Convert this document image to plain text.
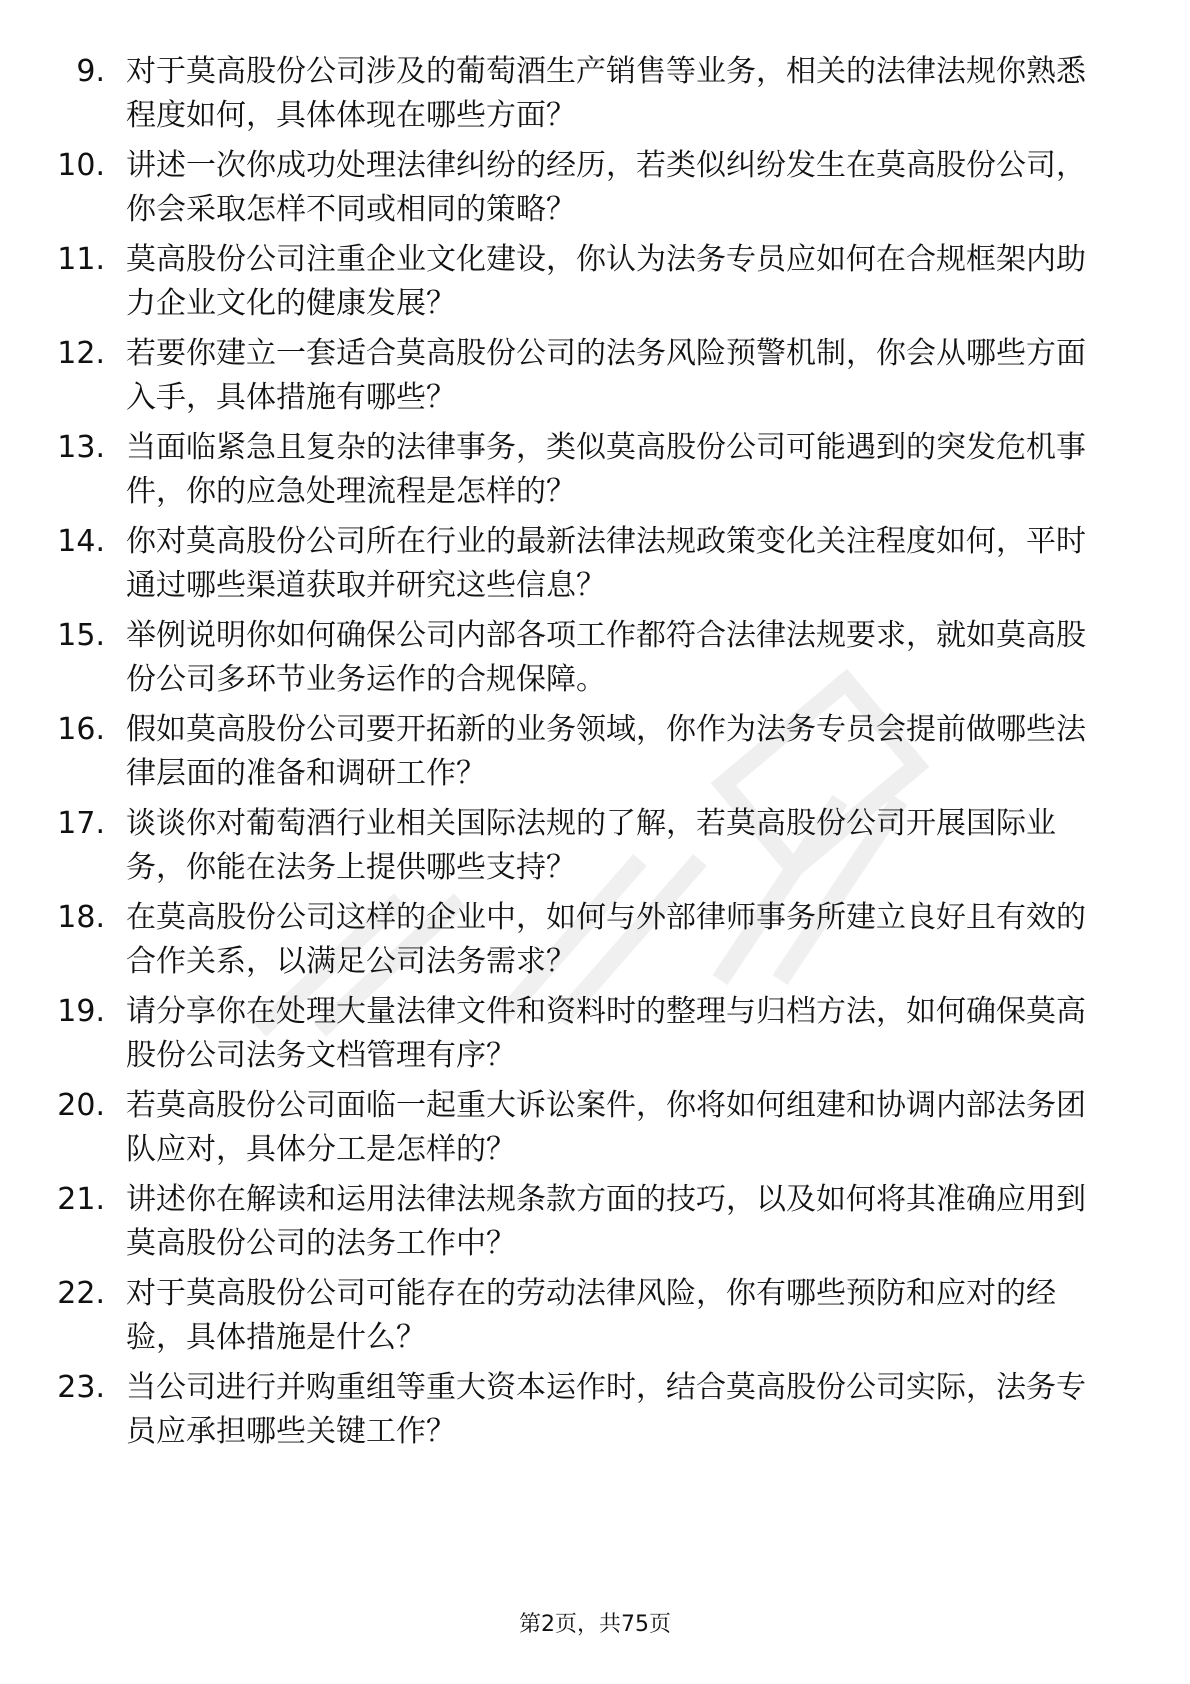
9. 对于莫高股份公司涉及的葡萄酒生产销售等业务，相关的法律法规你熟悉程度如何，具体体现在哪些方面？
10. 讲述一次你成功处理法律纠纷的经历，若类似纠纷发生在莫高股份公司，你会采取怎样不同或相同的策略？
11. 莫高股份公司注重企业文化建设，你认为法务专员应如何在合规框架内助力企业文化的健康发展？
12. 若要你建立一套适合莫高股份公司的法务风险预警机制，你会从哪些方面入手，具体措施有哪些？
13. 当面临紧急且复杂的法律事务，类似莫高股份公司可能遇到的突发危机事件，你的应急处理流程是怎样的？
14. 你对莫高股份公司所在行业的最新法律法规政策变化关注程度如何，平时通过哪些渠道获取并研究这些信息？
15. 举例说明你如何确保公司内部各项工作都符合法律法规要求，就如莫高股份公司多环节业务运作的合规保障。
16. 假如莫高股份公司要开拓新的业务领域，你作为法务专员会提前做哪些法律层面的准备和调研工作？
17. 谈谈你对葡萄酒行业相关国际法规的了解，若莫高股份公司开展国际业务，你能在法务上提供哪些支持？
18. 在莫高股份公司这样的企业中，如何与外部律师事务所建立良好且有效的合作关系，以满足公司法务需求？
19. 请分享你在处理大量法律文件和资料时的整理与归档方法，如何确保莫高股份公司法务文档管理有序？
20. 若莫高股份公司面临一起重大诉讼案件，你将如何组建和协调内部法务团队应对，具体分工是怎样的？
21. 讲述你在解读和运用法律法规条款方面的技巧，以及如何将其准确应用到莫高股份公司的法务工作中？
22. 对于莫高股份公司可能存在的劳动法律风险，你有哪些预防和应对的经验，具体措施是什么？
23. 当公司进行并购重组等重大资本运作时，结合莫高股份公司实际，法务专员应承担哪些关键工作？
第2页，共75页
